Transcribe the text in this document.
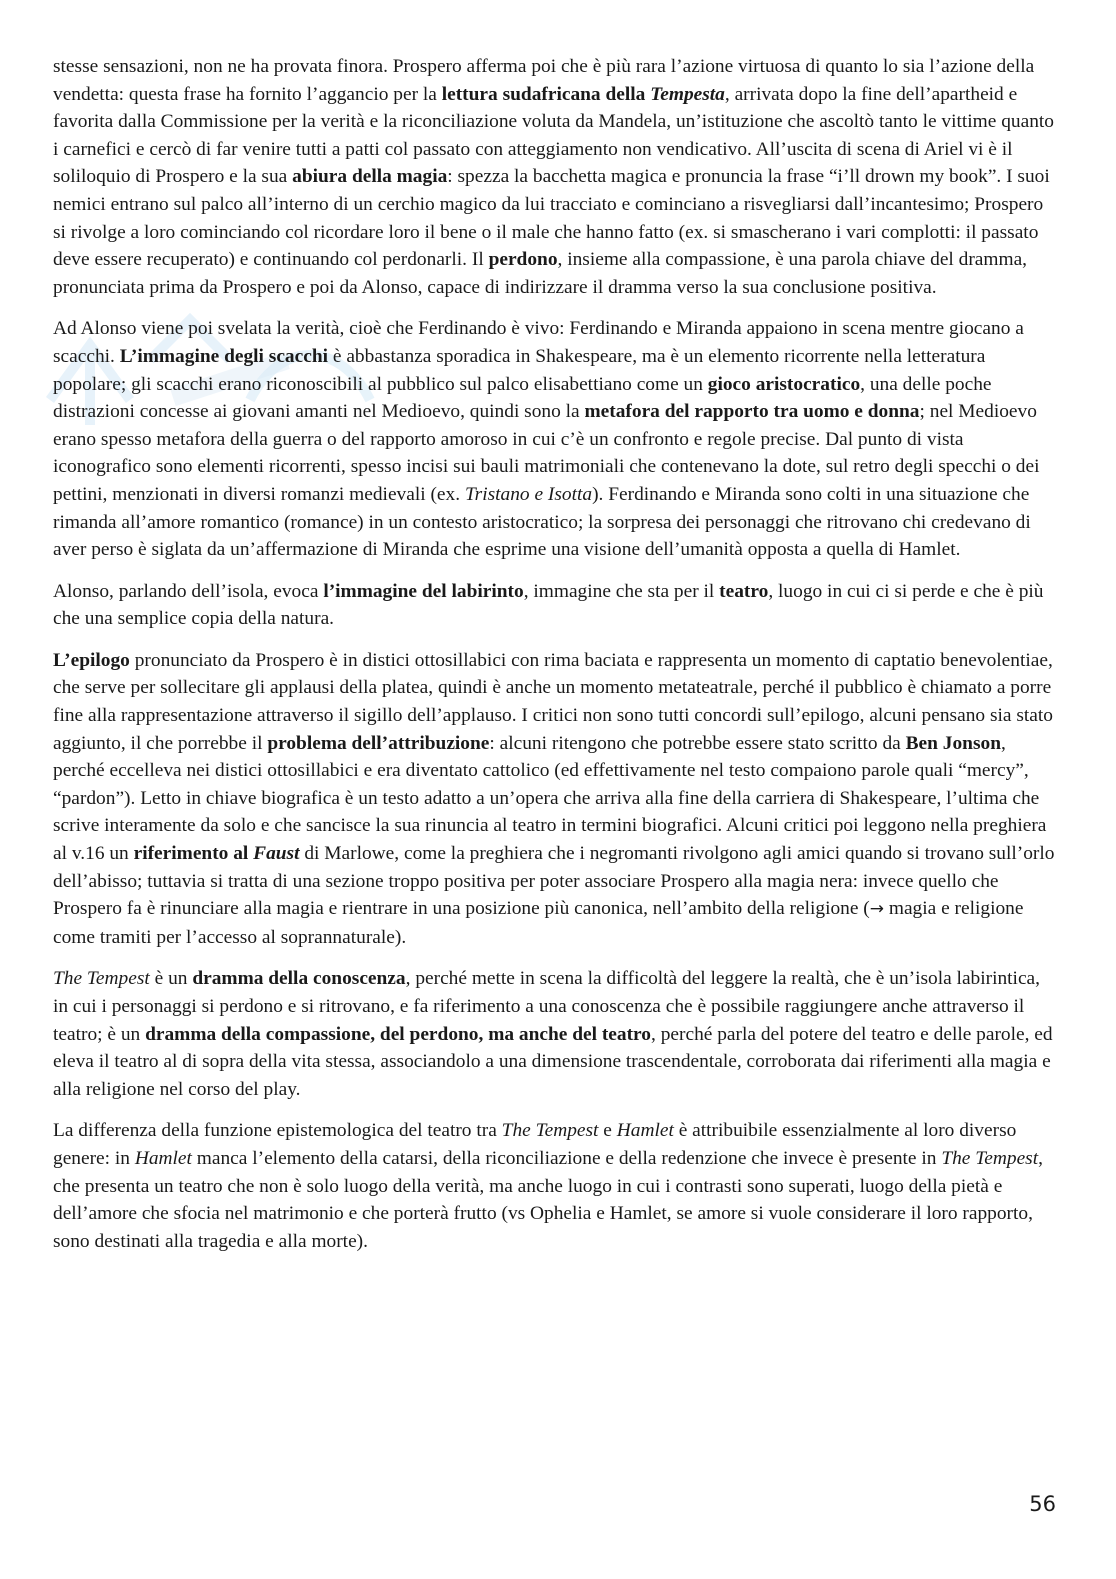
stesse sensazioni, non ne ha provata finora. Prospero afferma poi che è più rara l’azione virtuosa di quanto lo sia l’azione della vendetta: questa frase ha fornito l’aggancio per la lettura sudafricana della Tempesta, arrivata dopo la fine dell’apartheid e favorita dalla Commissione per la verità e la riconciliazione voluta da Mandela, un’istituzione che ascoltò tanto le vittime quanto i carnefici e cercò di far venire tutti a patti col passato con atteggiamento non vendicativo. All’uscita di scena di Ariel vi è il soliloquio di Prospero e la sua abiura della magia: spezza la bacchetta magica e pronuncia la frase “i’ll drown my book”. I suoi nemici entrano sul palco all’interno di un cerchio magico da lui tracciato e cominciano a risvegliarsi dall’incantesimo; Prospero si rivolge a loro cominciando col ricordare loro il bene o il male che hanno fatto (ex. si smascherano i vari complotti: il passato deve essere recuperato) e continuando col perdonarli. Il perdono, insieme alla compassione, è una parola chiave del dramma, pronunciata prima da Prospero e poi da Alonso, capace di indirizzare il dramma verso la sua conclusione positiva.

Ad Alonso viene poi svelata la verità, cioè che Ferdinando è vivo: Ferdinando e Miranda appaiono in scena mentre giocano a scacchi. L’immagine degli scacchi è abbastanza sporadica in Shakespeare, ma è un elemento ricorrente nella letteratura popolare; gli scacchi erano riconoscibili al pubblico sul palco elisabettiano come un gioco aristocratico, una delle poche distrazioni concesse ai giovani amanti nel Medioevo, quindi sono la metafora del rapporto tra uomo e donna; nel Medioevo erano spesso metafora della guerra o del rapporto amoroso in cui c’è un confronto e regole precise. Dal punto di vista iconografico sono elementi ricorrenti, spesso incisi sui bauli matrimoniali che contenevano la dote, sul retro degli specchi o dei pettini, menzionati in diversi romanzi medievali (ex. Tristano e Isotta). Ferdinando e Miranda sono colti in una situazione che rimanda all’amore romantico (romance) in un contesto aristocratico; la sorpresa dei personaggi che ritrovano chi credevano di aver perso è siglata da un’affermazione di Miranda che esprime una visione dell’umanità opposta a quella di Hamlet.

Alonso, parlando dell’isola, evoca l’immagine del labirinto, immagine che sta per il teatro, luogo in cui ci si perde e che è più che una semplice copia della natura.

L’epilogo pronunciato da Prospero è in distici ottosillabici con rima baciata e rappresenta un momento di captatio benevolentiae, che serve per sollecitare gli applausi della platea, quindi è anche un momento metateatrale, perché il pubblico è chiamato a porre fine alla rappresentazione attraverso il sigillo dell’applauso. I critici non sono tutti concordi sull’epilogo, alcuni pensano sia stato aggiunto, il che porrebbe il problema dell’attribuzione: alcuni ritengono che potrebbe essere stato scritto da Ben Jonson, perché eccelleva nei distici ottosillabici e era diventato cattolico (ed effettivamente nel testo compaiono parole quali “mercy”, “pardon”). Letto in chiave biografica è un testo adatto a un’opera che arriva alla fine della carriera di Shakespeare, l’ultima che scrive interamente da solo e che sancisce la sua rinuncia al teatro in termini biografici. Alcuni critici poi leggono nella preghiera al v.16 un riferimento al Faust di Marlowe, come la preghiera che i negromanti rivolgono agli amici quando si trovano sull’orlo dell’abisso; tuttavia si tratta di una sezione troppo positiva per poter associare Prospero alla magia nera: invece quello che Prospero fa è rinunciare alla magia e rientrare in una posizione più canonica, nell’ambito della religione (→ magia e religione come tramiti per l’accesso al soprannaturale).

The Tempest è un dramma della conoscenza, perché mette in scena la difficoltà del leggere la realtà, che è un’isola labirintica, in cui i personaggi si perdono e si ritrovano, e fa riferimento a una conoscenza che è possibile raggiungere anche attraverso il teatro; è un dramma della compassione, del perdono, ma anche del teatro, perché parla del potere del teatro e delle parole, ed eleva il teatro al di sopra della vita stessa, associandolo a una dimensione trascendentale, corroborata dai riferimenti alla magia e alla religione nel corso del play.

La differenza della funzione epistemologica del teatro tra The Tempest e Hamlet è attribuibile essenzialmente al loro diverso genere: in Hamlet manca l’elemento della catarsi, della riconciliazione e della redenzione che invece è presente in The Tempest, che presenta un teatro che non è solo luogo della verità, ma anche luogo in cui i contrasti sono superati, luogo della pietà e dell’amore che sfocia nel matrimonio e che porterà frutto (vs Ophelia e Hamlet, se amore si vuole considerare il loro rapporto, sono destinati alla tragedia e alla morte).

56
